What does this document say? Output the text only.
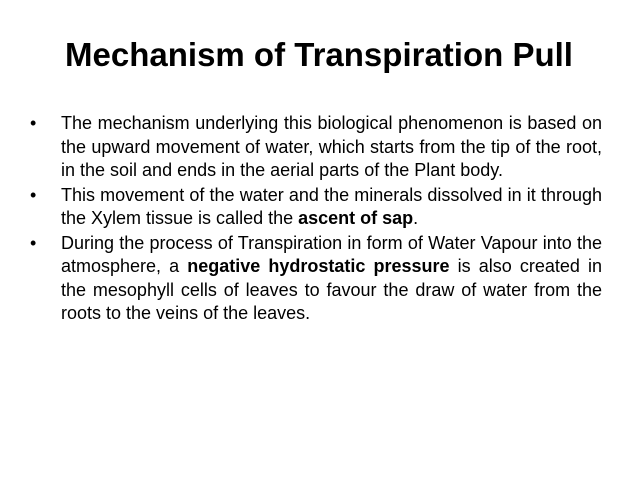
Mechanism of Transpiration Pull
•	The mechanism underlying this biological phenomenon is based on the upward movement of water, which starts from the tip of the root, in the soil and ends in the aerial parts of the Plant body.
•	This movement of the water and the minerals dissolved in it through the Xylem tissue is called the ascent of sap.
•	During the process of Transpiration in form of Water Vapour into the atmosphere, a negative hydrostatic pressure is also created in the mesophyll cells of leaves to favour the draw of water from the roots to the veins of the leaves.
